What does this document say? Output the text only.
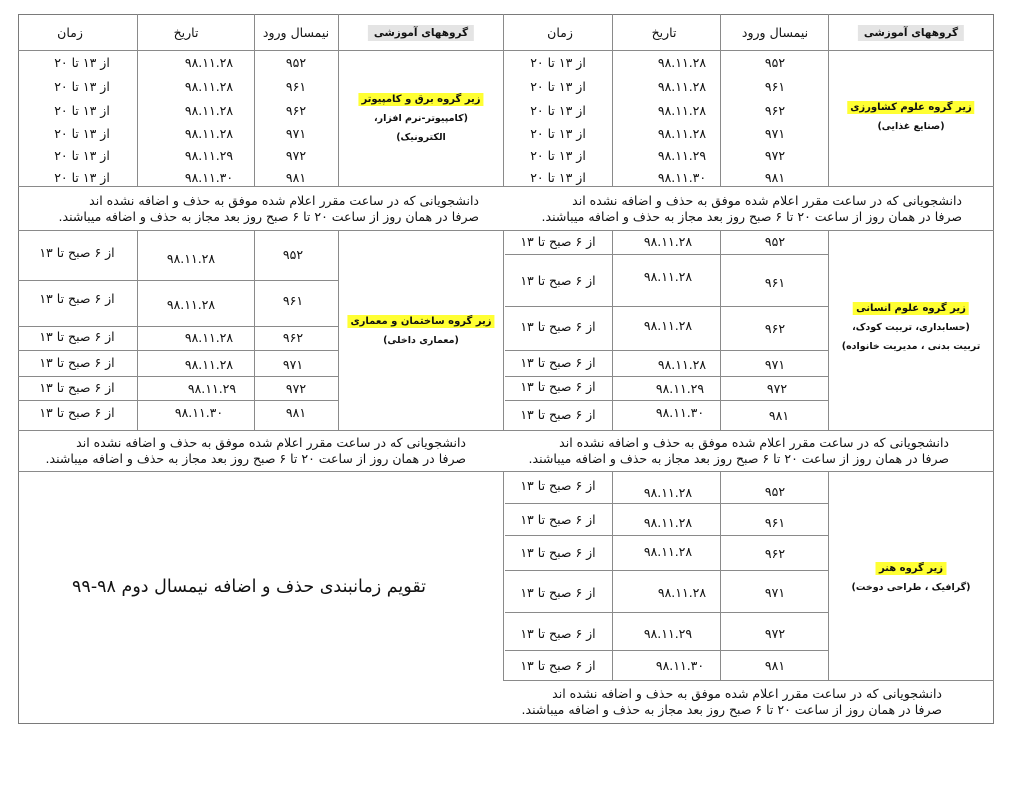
گروههای آموزشی
نیمسال ورود
تاریخ
زمان
گروههای آموزشی
نیمسال ورود
تاریخ
زمان
زیر گروه علوم کشاورزی
(صنایع غذایی)
زیر گروه برق و کامپیوتر
(کامپیوتر-نرم افزار،
الکترونیک)
زیر گروه علوم انسانی
(حسابداری، تربیت کودک،
تربیت بدنی ، مدیریت خانواده)
زیر گروه ساختمان و معماری
(معماری داخلی)
زیر گروه هنر
(گرافیک ، طراحی دوخت)
۹۵۲
۹۸.۱۱.۲۸
از ۱۳ تا ۲۰
۹۶۱
۹۸.۱۱.۲۸
از ۱۳ تا ۲۰
۹۶۲
۹۸.۱۱.۲۸
از ۱۳ تا ۲۰
۹۷۱
۹۸.۱۱.۲۸
از ۱۳ تا ۲۰
۹۷۲
۹۸.۱۱.۲۹
از ۱۳ تا ۲۰
۹۸۱
۹۸.۱۱.۳۰
از ۱۳ تا ۲۰
۹۵۲
۹۸.۱۱.۲۸
از ۱۳ تا ۲۰
۹۶۱
۹۸.۱۱.۲۸
از ۱۳ تا ۲۰
۹۶۲
۹۸.۱۱.۲۸
از ۱۳ تا ۲۰
۹۷۱
۹۸.۱۱.۲۸
از ۱۳ تا ۲۰
۹۷۲
۹۸.۱۱.۲۹
از ۱۳ تا ۲۰
۹۸۱
۹۸.۱۱.۳۰
از ۱۳ تا ۲۰
دانشجویانی که در ساعت مقرر اعلام شده موفق به حذف و اضافه نشده اند
صرفا در همان روز از ساعت ۲۰ تا ۶ صبح روز بعد مجاز به حذف و اضافه میباشند.
دانشجویانی که در ساعت مقرر اعلام شده موفق به حذف و اضافه نشده اند
صرفا در همان روز از ساعت ۲۰ تا ۶ صبح روز بعد مجاز به حذف و اضافه میباشند.
۹۵۲
۹۸.۱۱.۲۸
از ۶ صبح تا ۱۳
۹۶۱
۹۸.۱۱.۲۸
از ۶ صبح تا ۱۳
۹۶۲
۹۸.۱۱.۲۸
از ۶ صبح تا ۱۳
۹۷۱
۹۸.۱۱.۲۸
از ۶ صبح تا ۱۳
۹۷۲
۹۸.۱۱.۲۹
از ۶ صبح تا ۱۳
۹۸۱
۹۸.۱۱.۳۰
از ۶ صبح تا ۱۳
۹۵۲
۹۸.۱۱.۲۸
از ۶ صبح تا ۱۳
۹۶۱
۹۸.۱۱.۲۸
از ۶ صبح تا ۱۳
۹۶۲
۹۸.۱۱.۲۸
از ۶ صبح تا ۱۳
۹۷۱
۹۸.۱۱.۲۸
از ۶ صبح تا ۱۳
۹۷۲
۹۸.۱۱.۲۹
از ۶ صبح تا ۱۳
۹۸۱
۹۸.۱۱.۳۰
از ۶ صبح تا ۱۳
دانشجویانی که در ساعت مقرر اعلام شده موفق به حذف و اضافه نشده اند
صرفا در همان روز از ساعت ۲۰ تا ۶ صبح روز بعد مجاز به حذف و اضافه میباشند.
دانشجویانی که در ساعت مقرر اعلام شده موفق به حذف و اضافه نشده اند
صرفا در همان روز از ساعت ۲۰ تا ۶ صبح روز بعد مجاز به حذف و اضافه میباشند.
۹۵۲
۹۸.۱۱.۲۸
از ۶ صبح تا ۱۳
۹۶۱
۹۸.۱۱.۲۸
از ۶ صبح تا ۱۳
۹۶۲
۹۸.۱۱.۲۸
از ۶ صبح تا ۱۳
۹۷۱
۹۸.۱۱.۲۸
از ۶ صبح تا ۱۳
۹۷۲
۹۸.۱۱.۲۹
از ۶ صبح تا ۱۳
۹۸۱
۹۸.۱۱.۳۰
از ۶ صبح تا ۱۳
تقویم زمانبندی حذف و اضافه نیمسال دوم ۹۸-۹۹
دانشجویانی که در ساعت مقرر اعلام شده موفق به حذف و اضافه نشده اند
صرفا در همان روز از ساعت ۲۰ تا ۶ صبح روز بعد مجاز به حذف و اضافه میباشند.
